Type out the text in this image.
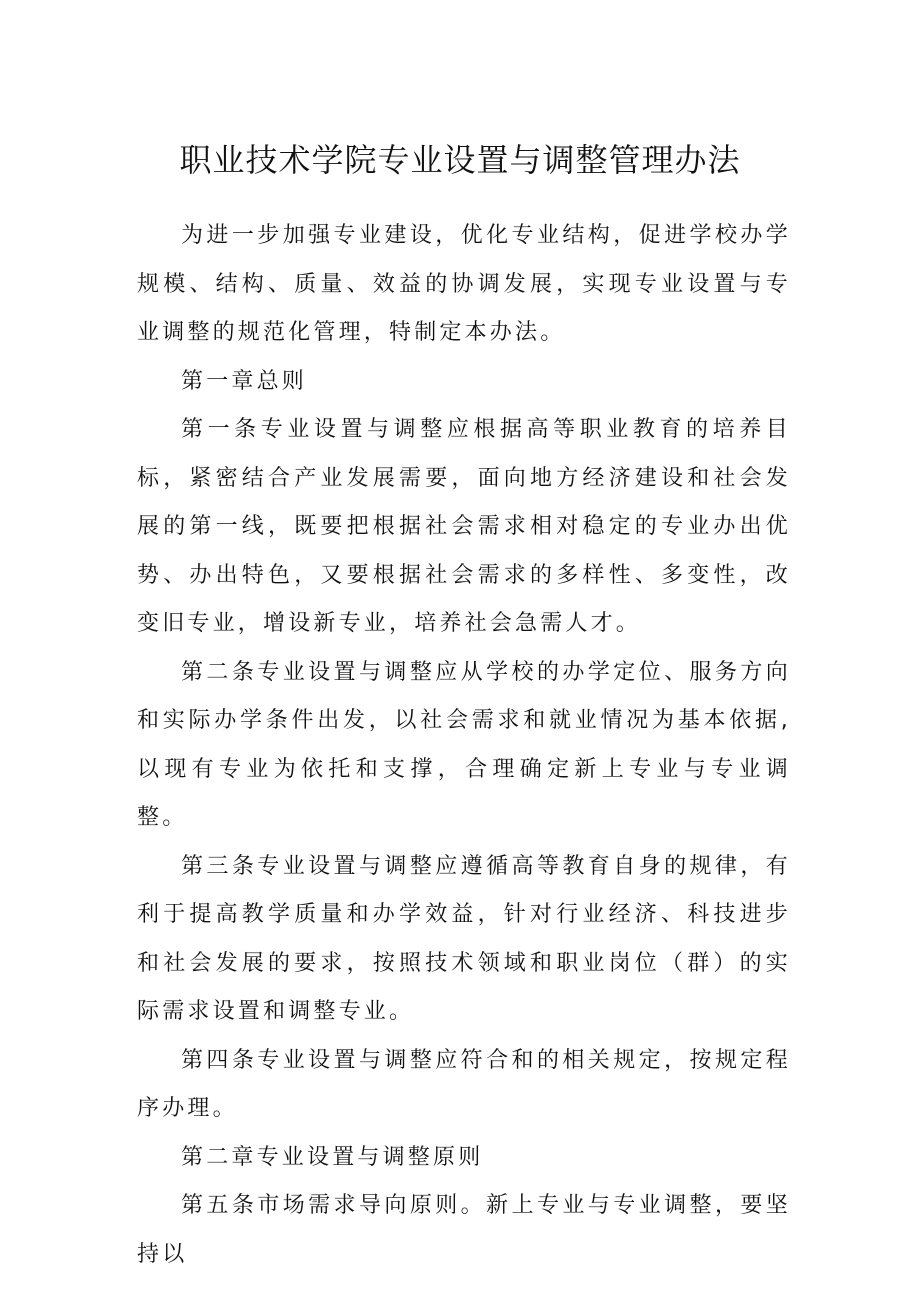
职业技术学院专业设置与调整管理办法

为进一步加强专业建设，优化专业结构，促进学校办学规模、结构、质量、效益的协调发展，实现专业设置与专业调整的规范化管理，特制定本办法。

第一章总则

第一条专业设置与调整应根据高等职业教育的培养目标，紧密结合产业发展需要，面向地方经济建设和社会发展的第一线，既要把根据社会需求相对稳定的专业办出优势、办出特色，又要根据社会需求的多样性、多变性，改变旧专业，增设新专业，培养社会急需人才。

第二条专业设置与调整应从学校的办学定位、服务方向和实际办学条件出发，以社会需求和就业情况为基本依据,以现有专业为依托和支撑，合理确定新上专业与专业调整。

第三条专业设置与调整应遵循高等教育自身的规律，有利于提高教学质量和办学效益，针对行业经济、科技进步和社会发展的要求，按照技术领域和职业岗位（群）的实际需求设置和调整专业。

第四条专业设置与调整应符合和的相关规定，按规定程序办理。

第二章专业设置与调整原则

第五条市场需求导向原则。新上专业与专业调整，要坚持以
